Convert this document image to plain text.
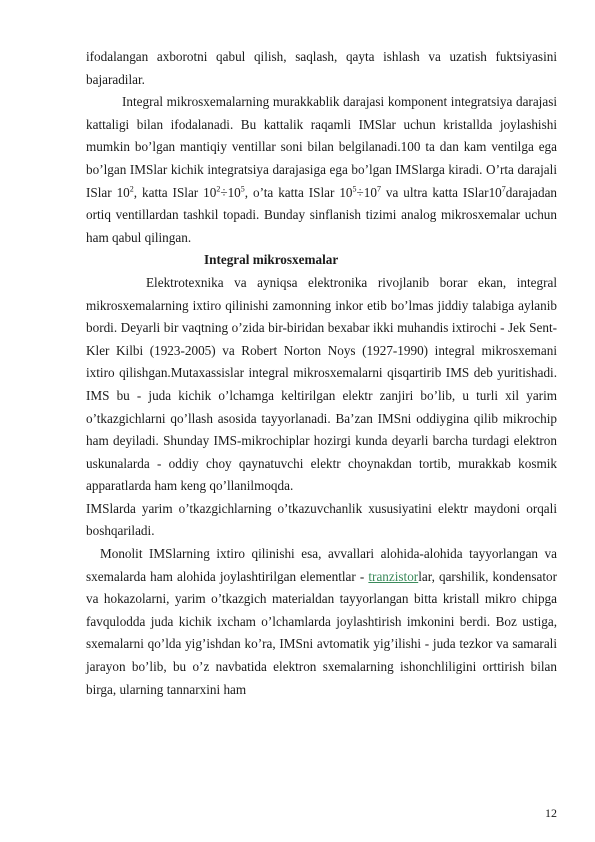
ifodalangan axborotni qabul qilish, saqlash, qayta ishlash va uzatish fuktsiyasini bajaradilar.

Integral mikrosxemalarning murakkablik darajasi komponent integratsiya darajasi kattaligi bilan ifodalanadi. Bu kattalik raqamli IMSlar uchun kristallda joylashishi mumkin bo’lgan mantiqiy ventillar soni bilan belgilanadi.100 ta dan kam ventilga ega bo’lgan IMSlar kichik integratsiya darajasiga ega bo’lgan IMSlarga kiradi. O’rta darajali ISlar $10^2$, katta ISlar $10^2\div 10^5$, o’ta katta ISlar $10^5\div 10^7$ va ultra katta $ISlar10^7darajadan$ ortiq ventillardan tashkil topadi. Bunday sinflanish tizimi analog mikrosxemalar uchun ham qabul qilingan.

Integral mikrosxemalar

Elektrotexnika va ayniqsa elektronika rivojlanib borar ekan, integral mikrosxemalarning ixtiro qilinishi zamonning inkor etib bo’lmas jiddiy talabiga aylanib bordi. Deyarli bir vaqtning o’zida bir-biridan bexabar ikki muhandis ixtirochi - Jek Sent-Kler Kilbi (1923-2005) va Robert Norton Noys (1927-1990) integral mikrosxemani ixtiro qilishgan.Mutaxassislar integral mikrosxemalarni qisqartirib IMS deb yuritishadi. IMS bu - juda kichik o’lchamga keltirilgan elektr zanjiri bo’lib, u turli xil yarim o’tkazgichlarni qo’llash asosida tayyorlanadi. Ba’zan IMSni oddiygina qilib mikrochip ham deyiladi. Shunday IMS-mikrochiplar hozirgi kunda deyarli barcha turdagi elektron uskunalarda - oddiy choy qaynatuvchi elektr choynakdan tortib, murakkab kosmik apparatlarda ham keng qo’llanilmoqda.

IMSlarda yarim o’tkazgichlarning o’tkazuvchanlik xususiyatini elektr maydoni orqali boshqariladi.

Monolit IMSlarning ixtiro qilinishi esa, avvallari alohida-alohida tayyorlangan va sxemalarda ham alohida joylashtirilgan elementlar - tranzistorlar, qarshilik, kondensator va hokazolarni, yarim o’tkazgich materialdan tayyorlangan bitta kristall mikro chipga favqulodda juda kichik ixcham o’lchamlarda joylashtirish imkonini berdi. Boz ustiga, sxemalarni qo’lda yig’ishdan ko’ra, IMSni avtomatik yig’ilishi - juda tezkor va samarali jarayon bo’lib, bu o’z navbatida elektron sxemalarning ishonchliligini orttirish bilan birga, ularning tannarxini ham

12
